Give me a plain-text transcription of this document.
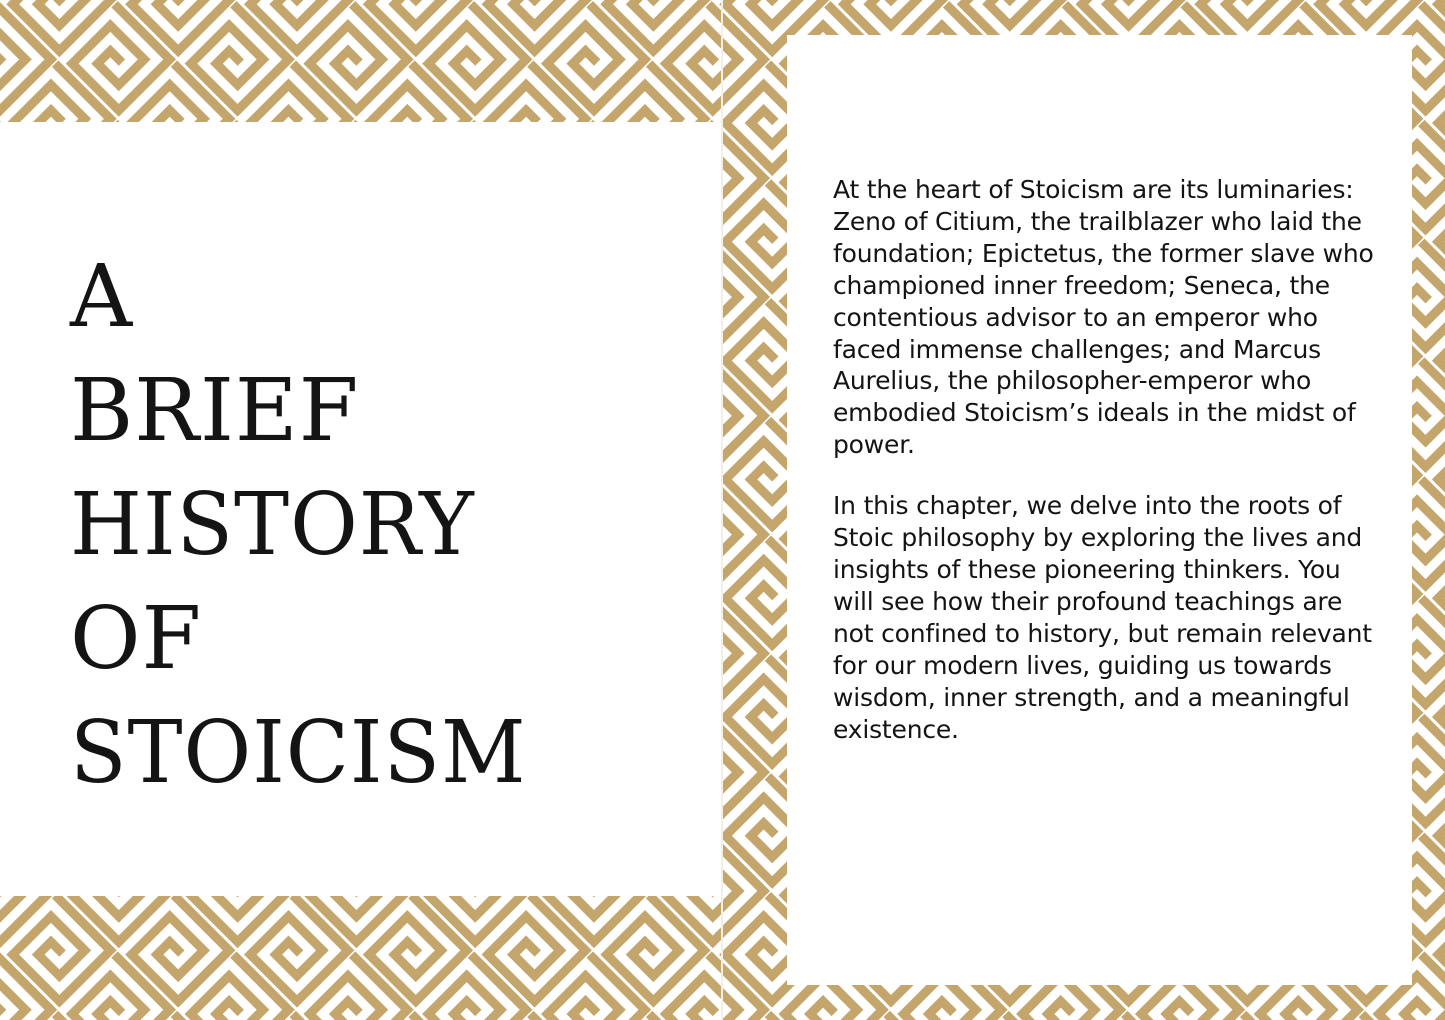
A
BRIEF
HISTORY
OF
STOICISM

At the heart of Stoicism are its luminaries: Zeno of Citium, the trailblazer who laid the foundation; Epictetus, the former slave who championed inner freedom; Seneca, the contentious advisor to an emperor who faced immense challenges; and Marcus Aurelius, the philosopher-emperor who embodied Stoicism’s ideals in the midst of power.

In this chapter, we delve into the roots of Stoic philosophy by exploring the lives and insights of these pioneering thinkers. You will see how their profound teachings are not confined to history, but remain relevant for our modern lives, guiding us towards wisdom, inner strength, and a meaningful existence.
